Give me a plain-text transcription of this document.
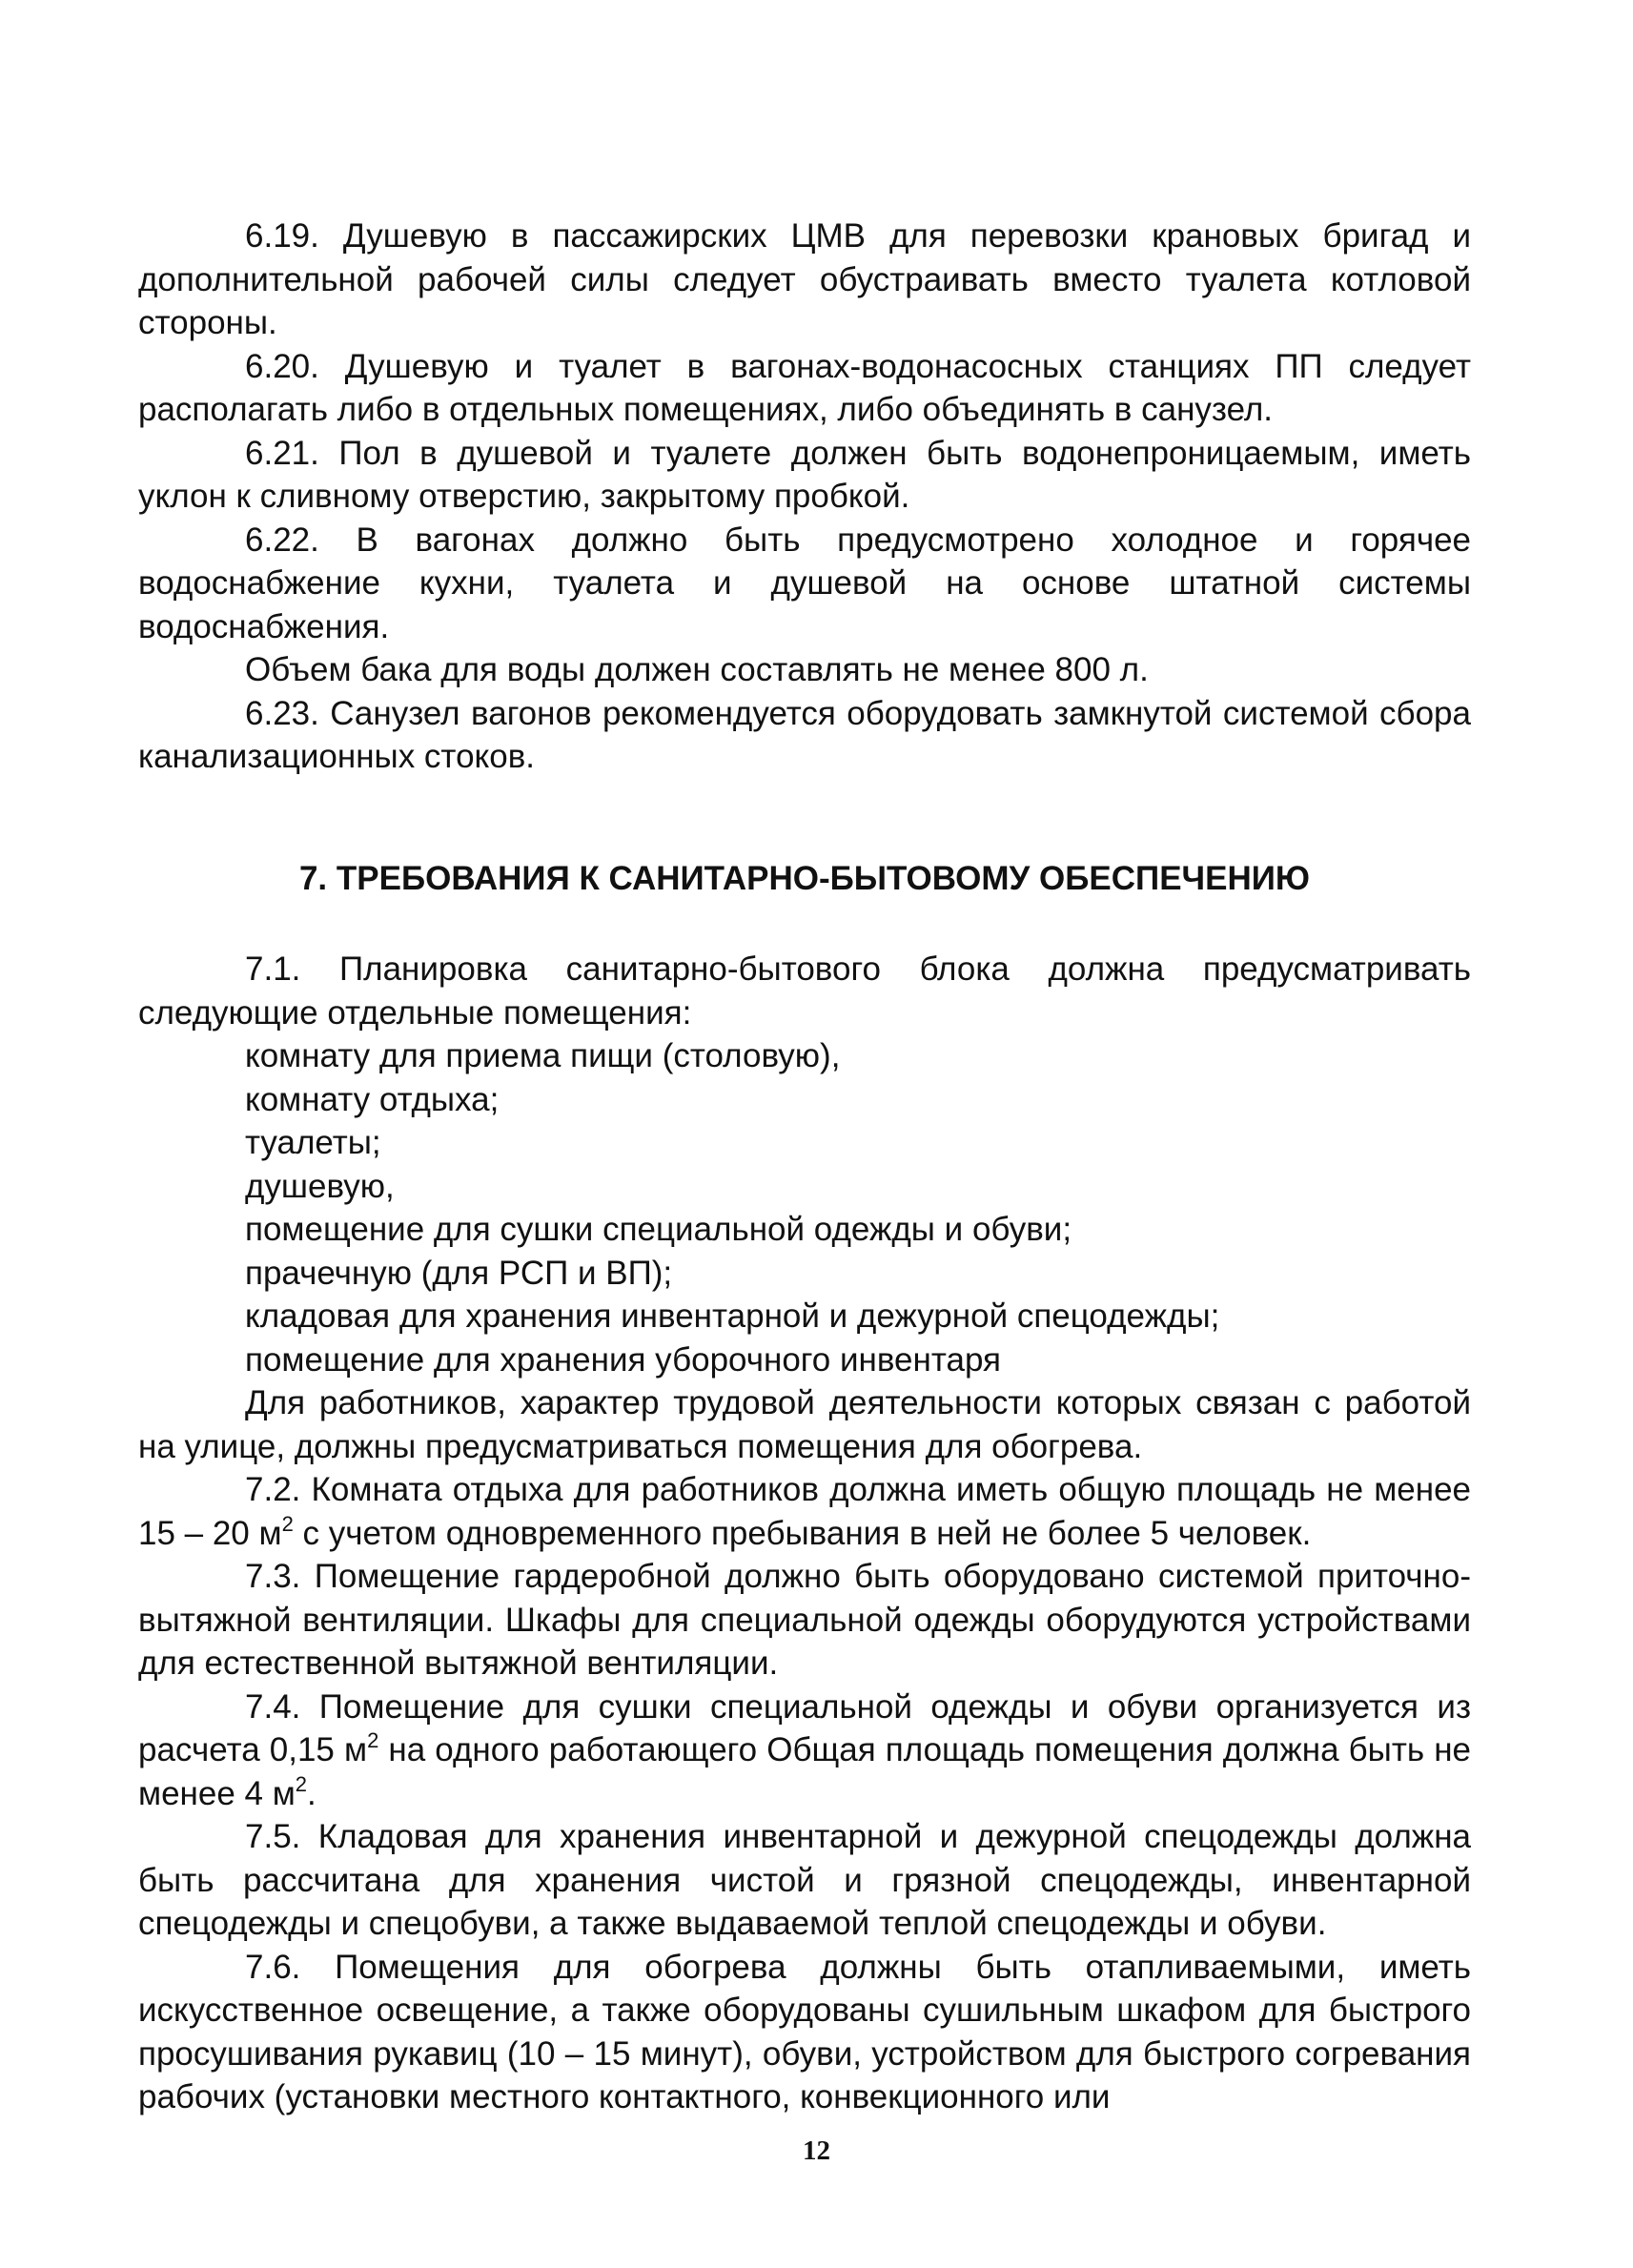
6.19. Душевую в пассажирских ЦМВ для перевозки крановых бригад и дополнительной рабочей силы следует обустраивать вместо туалета котловой стороны.

6.20. Душевую и туалет в вагонах-водонасосных станциях ПП следует располагать либо в отдельных помещениях, либо объединять в санузел.

6.21. Пол в душевой и туалете должен быть водонепроницаемым, иметь уклон к сливному отверстию, закрытому пробкой.

6.22. В вагонах должно быть предусмотрено холодное и горячее водоснабжение кухни, туалета и душевой на основе штатной системы водоснабжения.

Объем бака для воды должен составлять не менее 800 л.

6.23. Санузел вагонов рекомендуется оборудовать замкнутой системой сбора канализационных стоков.

7. ТРЕБОВАНИЯ К САНИТАРНО-БЫТОВОМУ ОБЕСПЕЧЕНИЮ

7.1. Планировка санитарно-бытового блока должна предусматривать следующие отдельные помещения:

комнату для приема пищи (столовую),

комнату отдыха;

туалеты;

душевую,

помещение для сушки специальной одежды и обуви;

прачечную (для РСП и ВП);

кладовая для хранения инвентарной и дежурной спецодежды;

помещение для хранения уборочного инвентаря

Для работников, характер трудовой деятельности которых связан с работой на улице, должны предусматриваться помещения для обогрева.

7.2. Комната отдыха для работников должна иметь общую площадь не менее 15 – 20 $м^2$ с учетом одновременного пребывания в ней не более 5 человек.

7.3. Помещение гардеробной должно быть оборудовано системой приточно-вытяжной вентиляции. Шкафы для специальной одежды оборудуются устройствами для естественной вытяжной вентиляции.

7.4. Помещение для сушки специальной одежды и обуви организуется из расчета 0,15 $м^2$ на одного работающего Общая площадь помещения должна быть не менее 4 $м^2$.

7.5. Кладовая для хранения инвентарной и дежурной спецодежды должна быть рассчитана для хранения чистой и грязной спецодежды, инвентарной спецодежды и спецобуви, а также выдаваемой теплой спецодежды и обуви.

7.6. Помещения для обогрева должны быть отапливаемыми, иметь искусственное освещение, а также оборудованы сушильным шкафом для быстрого просушивания рукавиц (10 – 15 минут), обуви, устройством для быстрого согревания рабочих (установки местного контактного, конвекционного или

12
